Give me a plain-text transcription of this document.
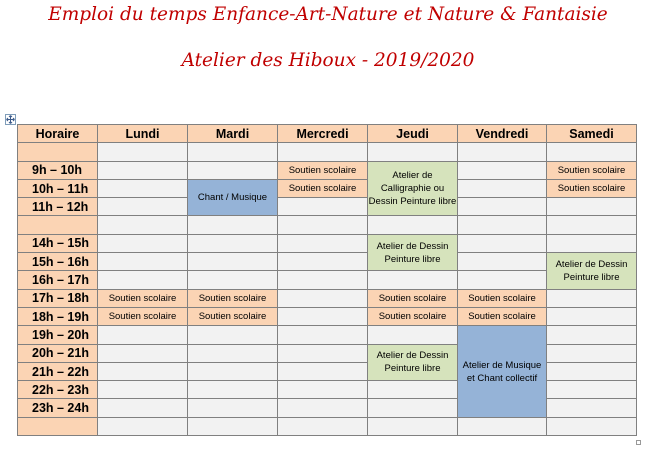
Emploi du temps Enfance-Art-Nature et Nature & Fantaisie
Atelier des Hiboux - 2019/2020
Horaire	Lundi	Mardi	Mercredi	Jeudi	Vendredi	Samedi

9h – 10h			Soutien scolaire	Atelier de Calligraphie ou Dessin Peinture libre		Soutien scolaire
10h – 11h		Chant / Musique	Soutien scolaire			Soutien scolaire
11h – 12h						

14h – 15h				Atelier de Dessin Peinture libre		
15h – 16h						Atelier de Dessin Peinture libre
16h – 17h						
17h – 18h	Soutien scolaire	Soutien scolaire		Soutien scolaire	Soutien scolaire	
18h – 19h	Soutien scolaire	Soutien scolaire		Soutien scolaire	Soutien scolaire	
19h – 20h					Atelier de Musique et Chant collectif	
20h – 21h				Atelier de Dessin Peinture libre		
21h – 22h						
22h – 23h						
23h – 24h						
